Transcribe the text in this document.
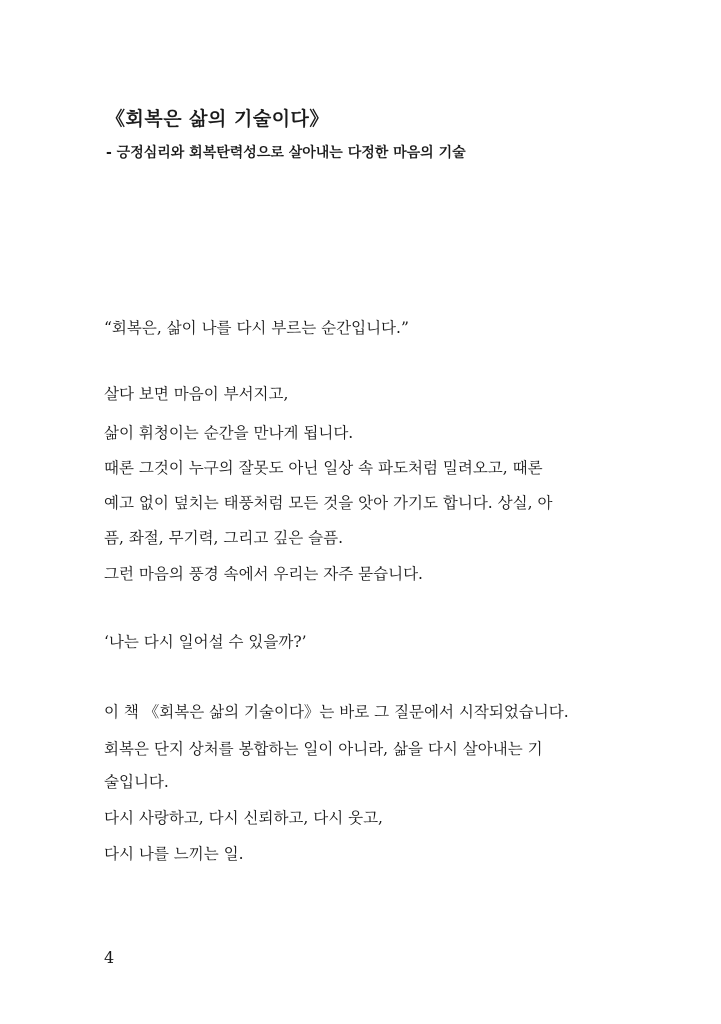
《회복은 삶의 기술이다》
- 긍정심리와 회복탄력성으로 살아내는 다정한 마음의 기술
“회복은, 삶이 나를 다시 부르는 순간입니다.”
살다 보면 마음이 부서지고,
삶이 휘청이는 순간을 만나게 됩니다.
때론 그것이 누구의 잘못도 아닌 일상 속 파도처럼 밀려오고, 때론
예고 없이 덮치는 태풍처럼 모든 것을 앗아 가기도 합니다. 상실, 아
픔, 좌절, 무기력, 그리고 깊은 슬픔.
그런 마음의 풍경 속에서 우리는 자주 묻습니다.
‘나는 다시 일어설 수 있을까?’
이 책 《회복은 삶의 기술이다》는 바로 그 질문에서 시작되었습니다.
회복은 단지 상처를 봉합하는 일이 아니라, 삶을 다시 살아내는 기
술입니다.
다시 사랑하고, 다시 신뢰하고, 다시 웃고,
다시 나를 느끼는 일.
4
